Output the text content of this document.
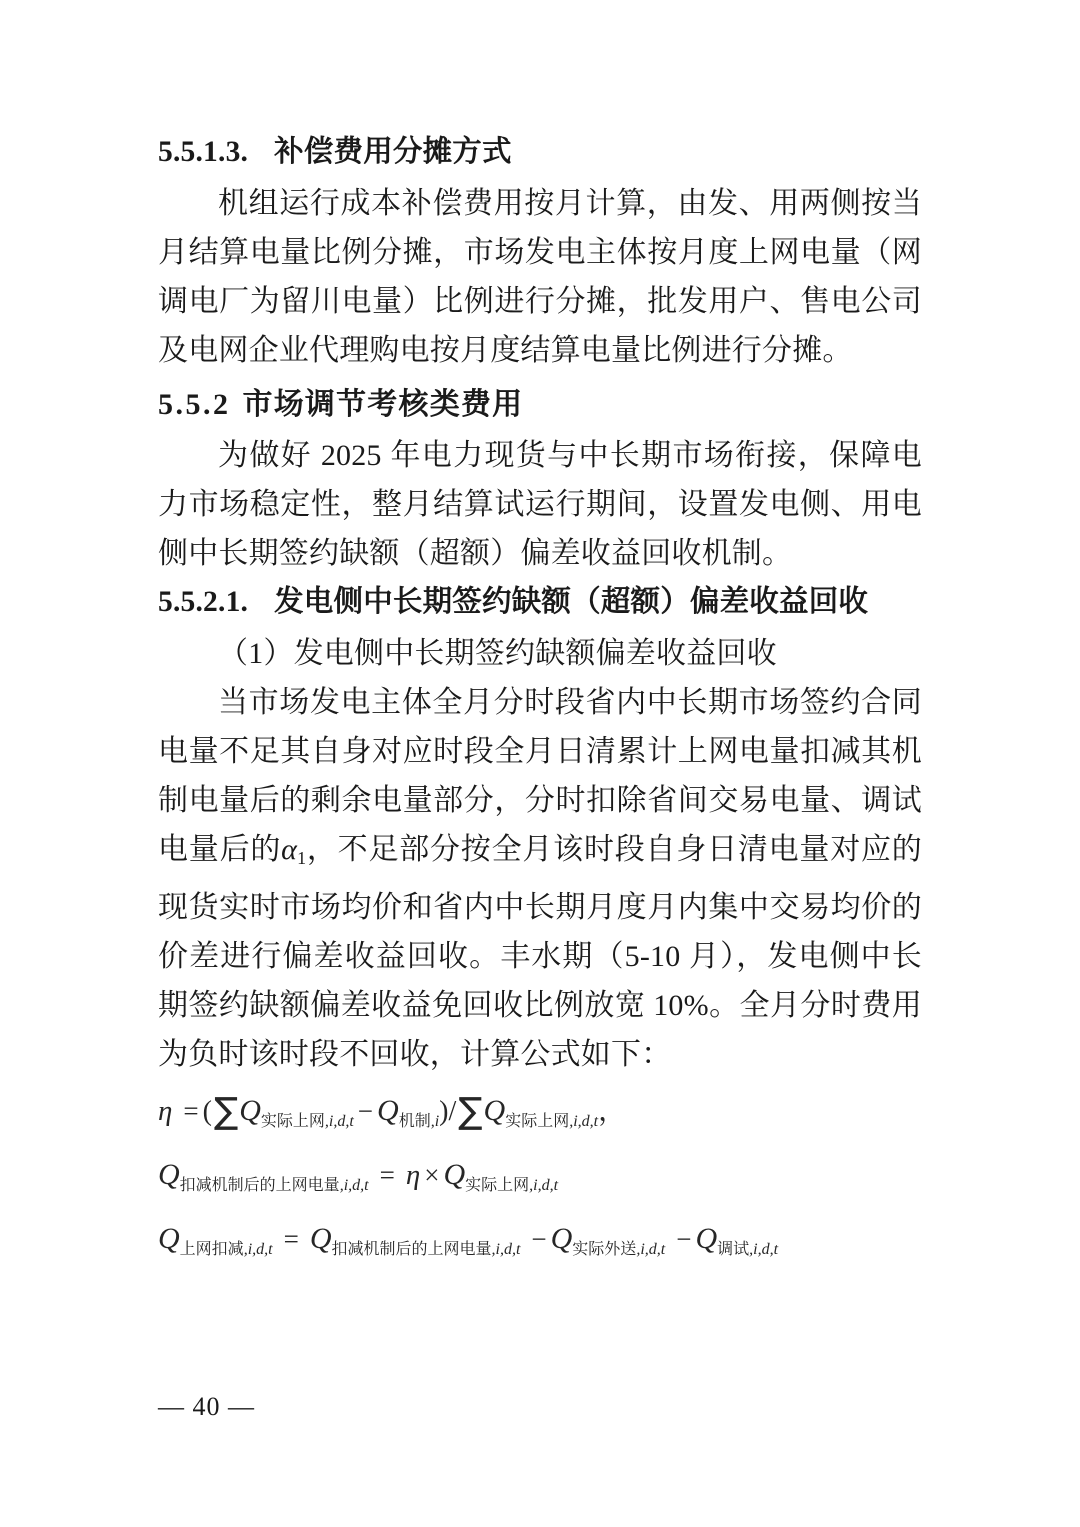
5.5.1.3. 补偿费用分摊方式

机组运行成本补偿费用按月计算，由发、用两侧按当月结算电量比例分摊，市场发电主体按月度上网电量（网调电厂为留川电量）比例进行分摊，批发用户、售电公司及电网企业代理购电按月度结算电量比例进行分摊。

5.5.2 市场调节考核类费用

为做好 2025 年电力现货与中长期市场衔接，保障电力市场稳定性，整月结算试运行期间，设置发电侧、用电侧中长期签约缺额（超额）偏差收益回收机制。

5.5.2.1. 发电侧中长期签约缺额（超额）偏差收益回收

（1）发电侧中长期签约缺额偏差收益回收

当市场发电主体全月分时段省内中长期市场签约合同电量不足其自身对应时段全月日清累计上网电量扣减其机制电量后的剩余电量部分，分时扣除省间交易电量、调试电量后的$\alpha_1$，不足部分按全月该时段自身日清电量对应的现货实时市场均价和省内中长期月度月内集中交易均价的价差进行偏差收益回收。丰水期（5-10 月），发电侧中长期签约缺额偏差收益免回收比例放宽 10%。全月分时费用为负时该时段不回收，计算公式如下：

$\eta = (\sum Q_{实际上网,i,d,t} - Q_{机制,i})/\sum Q_{实际上网,i,d,t}$，
$Q_{扣减机制后的上网电量,i,d,t} = \eta \times Q_{实际上网,i,d,t}$
$Q_{上网扣减,i,d,t} = Q_{扣减机制后的上网电量,i,d,t} - Q_{实际外送,i,d,t} - Q_{调试,i,d,t}$
— 40 —
